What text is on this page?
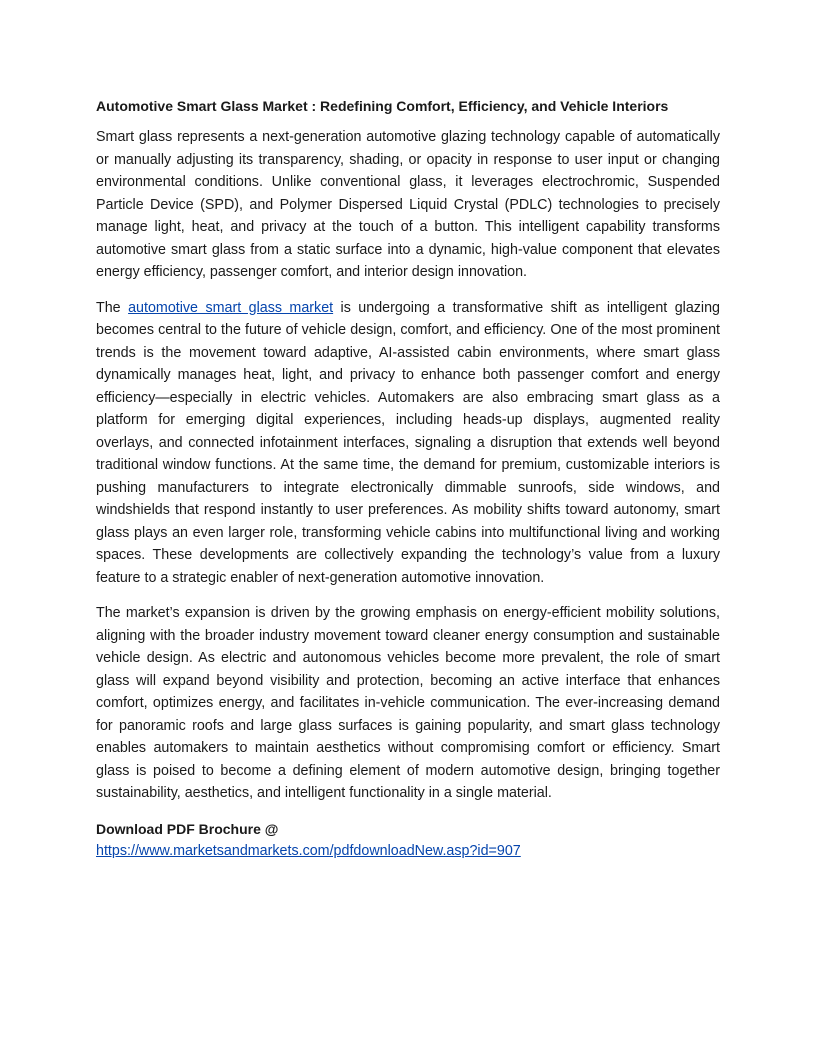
Automotive Smart Glass Market : Redefining Comfort, Efficiency, and Vehicle Interiors

Smart glass represents a next-generation automotive glazing technology capable of automatically or manually adjusting its transparency, shading, or opacity in response to user input or changing environmental conditions. Unlike conventional glass, it leverages electrochromic, Suspended Particle Device (SPD), and Polymer Dispersed Liquid Crystal (PDLC) technologies to precisely manage light, heat, and privacy at the touch of a button. This intelligent capability transforms automotive smart glass from a static surface into a dynamic, high-value component that elevates energy efficiency, passenger comfort, and interior design innovation.

The automotive smart glass market is undergoing a transformative shift as intelligent glazing becomes central to the future of vehicle design, comfort, and efficiency. One of the most prominent trends is the movement toward adaptive, AI-assisted cabin environments, where smart glass dynamically manages heat, light, and privacy to enhance both passenger comfort and energy efficiency—especially in electric vehicles. Automakers are also embracing smart glass as a platform for emerging digital experiences, including heads-up displays, augmented reality overlays, and connected infotainment interfaces, signaling a disruption that extends well beyond traditional window functions. At the same time, the demand for premium, customizable interiors is pushing manufacturers to integrate electronically dimmable sunroofs, side windows, and windshields that respond instantly to user preferences. As mobility shifts toward autonomy, smart glass plays an even larger role, transforming vehicle cabins into multifunctional living and working spaces. These developments are collectively expanding the technology’s value from a luxury feature to a strategic enabler of next-generation automotive innovation.

The market’s expansion is driven by the growing emphasis on energy-efficient mobility solutions, aligning with the broader industry movement toward cleaner energy consumption and sustainable vehicle design. As electric and autonomous vehicles become more prevalent, the role of smart glass will expand beyond visibility and protection, becoming an active interface that enhances comfort, optimizes energy, and facilitates in-vehicle communication. The ever-increasing demand for panoramic roofs and large glass surfaces is gaining popularity, and smart glass technology enables automakers to maintain aesthetics without compromising comfort or efficiency. Smart glass is poised to become a defining element of modern automotive design, bringing together sustainability, aesthetics, and intelligent functionality in a single material.

Download PDF Brochure @

https://www.marketsandmarkets.com/pdfdownloadNew.asp?id=907
